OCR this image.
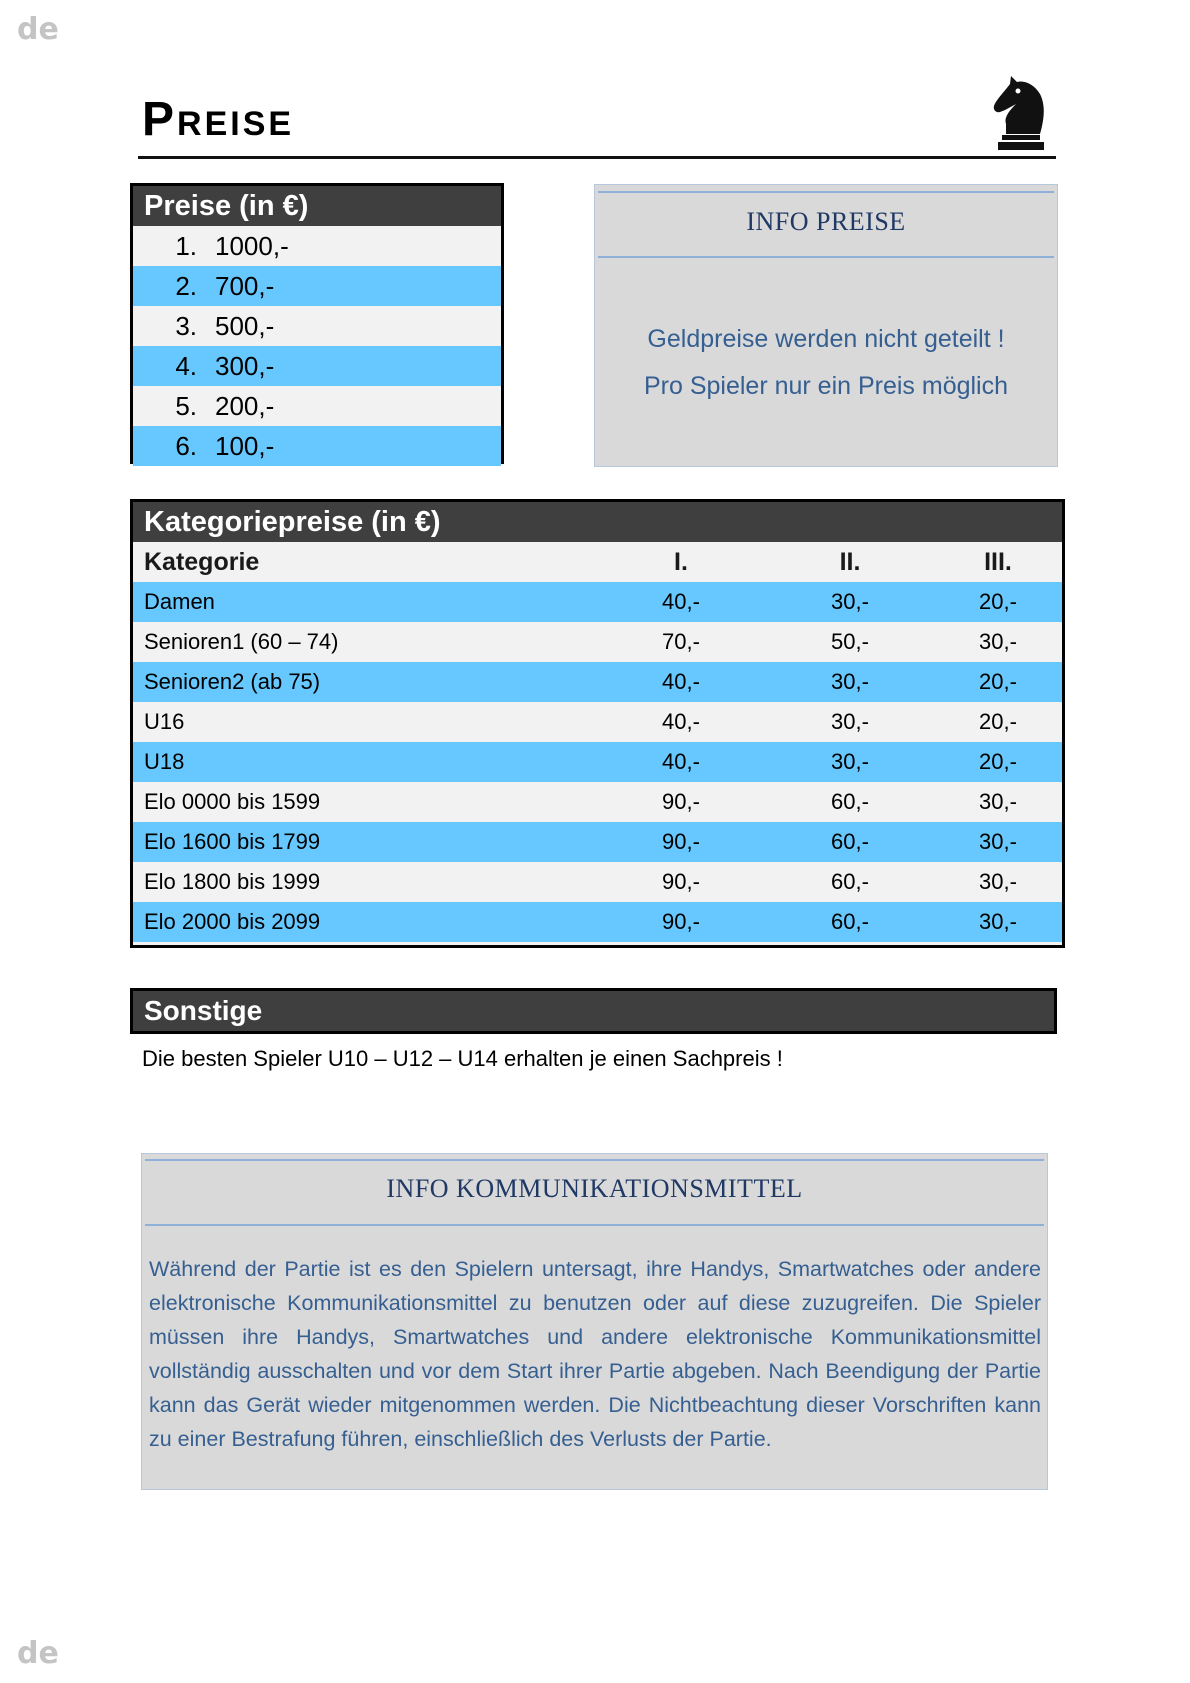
de
Preise
Preise (in €)
1. 1000,-
2. 700,-
3. 500,-
4. 300,-
5. 200,-
6. 100,-
INFO PREISE
Geldpreise werden nicht geteilt !
Pro Spieler nur ein Preis möglich
Kategoriepreise (in €)
Kategorie	I.	II.	III.
Damen	40,-	30,-	20,-
Senioren1 (60 – 74)	70,-	50,-	30,-
Senioren2 (ab 75)	40,-	30,-	20,-
U16	40,-	30,-	20,-
U18	40,-	30,-	20,-
Elo 0000 bis 1599	90,-	60,-	30,-
Elo 1600 bis 1799	90,-	60,-	30,-
Elo 1800 bis 1999	90,-	60,-	30,-
Elo 2000 bis 2099	90,-	60,-	30,-
Sonstige
Die besten Spieler U10 – U12 – U14 erhalten je einen Sachpreis !
INFO KOMMUNIKATIONSMITTEL

Während der Partie ist es den Spielern untersagt, ihre Handys, Smartwatches oder andere elektronische Kommunikationsmittel zu benutzen oder auf diese zuzugreifen. Die Spieler müssen ihre Handys, Smartwatches und andere elektronische Kommunikationsmittel vollständig ausschalten und vor dem Start ihrer Partie abgeben. Nach Beendigung der Partie kann das Gerät wieder mitgenommen werden. Die Nichtbeachtung dieser Vorschriften kann zu einer Bestrafung führen, einschließlich des Verlusts der Partie.

de
